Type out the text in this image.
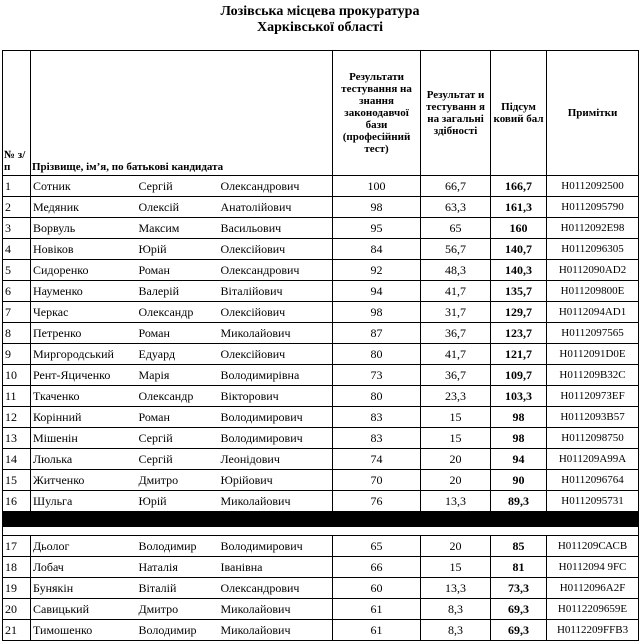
Лозівська місцева прокуратура
Харківської області
№ з/п	Прізвище, ім’я, по батькові кандидата			Результати тестування на знання законодавчої бази (професійний тест)	Результат и тестуванн я на загальні здібності	Підсум ковий бал	Примітки
1	Сотник	Сергій	Олександрович	100	66,7	166,7	Н0112092500
2	Медяник	Олексій	Анатолійович	98	63,3	161,3	Н0112095790
3	Ворвуль	Максим	Васильович	95	65	160	Н0112092Е98
4	Новіков	Юрій	Олексійович	84	56,7	140,7	Н0112096305
5	Сидоренко	Роман	Олександрович	92	48,3	140,3	Н0112090AD2
6	Науменко	Валерій	Віталійович	94	41,7	135,7	Н011209800Е
7	Черкас	Олександр	Олексійович	98	31,7	129,7	Н0112094AD1
8	Петренко	Роман	Миколайович	87	36,7	123,7	Н0112097565
9	Миргородський	Едуард	Олексійович	80	41,7	121,7	Н0112091D0Е
10	Рент-Яциченко	Марія	Володимирівна	73	36,7	109,7	Н011209B32С
11	Ткаченко	Олександр	Вікторович	80	23,3	103,3	Н0112097ЗЕF
12	Корінний	Роман	Володимирович	83	15	98	Н0112093В57
13	Мішенін	Сергій	Володимирович	83	15	98	Н0112098750
14	Люлька	Сергій	Леонідович	74	20	94	Н011209А99А
15	Житченко	Дмитро	Юрійович	70	20	90	Н0112096764
16	Шульга	Юрій	Миколайович	76	13,3	89,3	Н0112095731

17	Дьолог	Володимир	Володимирович	65	20	85	Н011209САСВ
18	Лобач	Наталія	Іванівна	66	15	81	Н0112094 9FС
19	Бунякін	Віталій	Олександрович	60	13,3	73,3	Н0112096А2F
20	Савицький	Дмитро	Миколайович	61	8,3	69,3	Н0112209659Е
21	Тимошенко	Володимир	Миколайович	61	8,3	69,3	Н0112209FFB3
